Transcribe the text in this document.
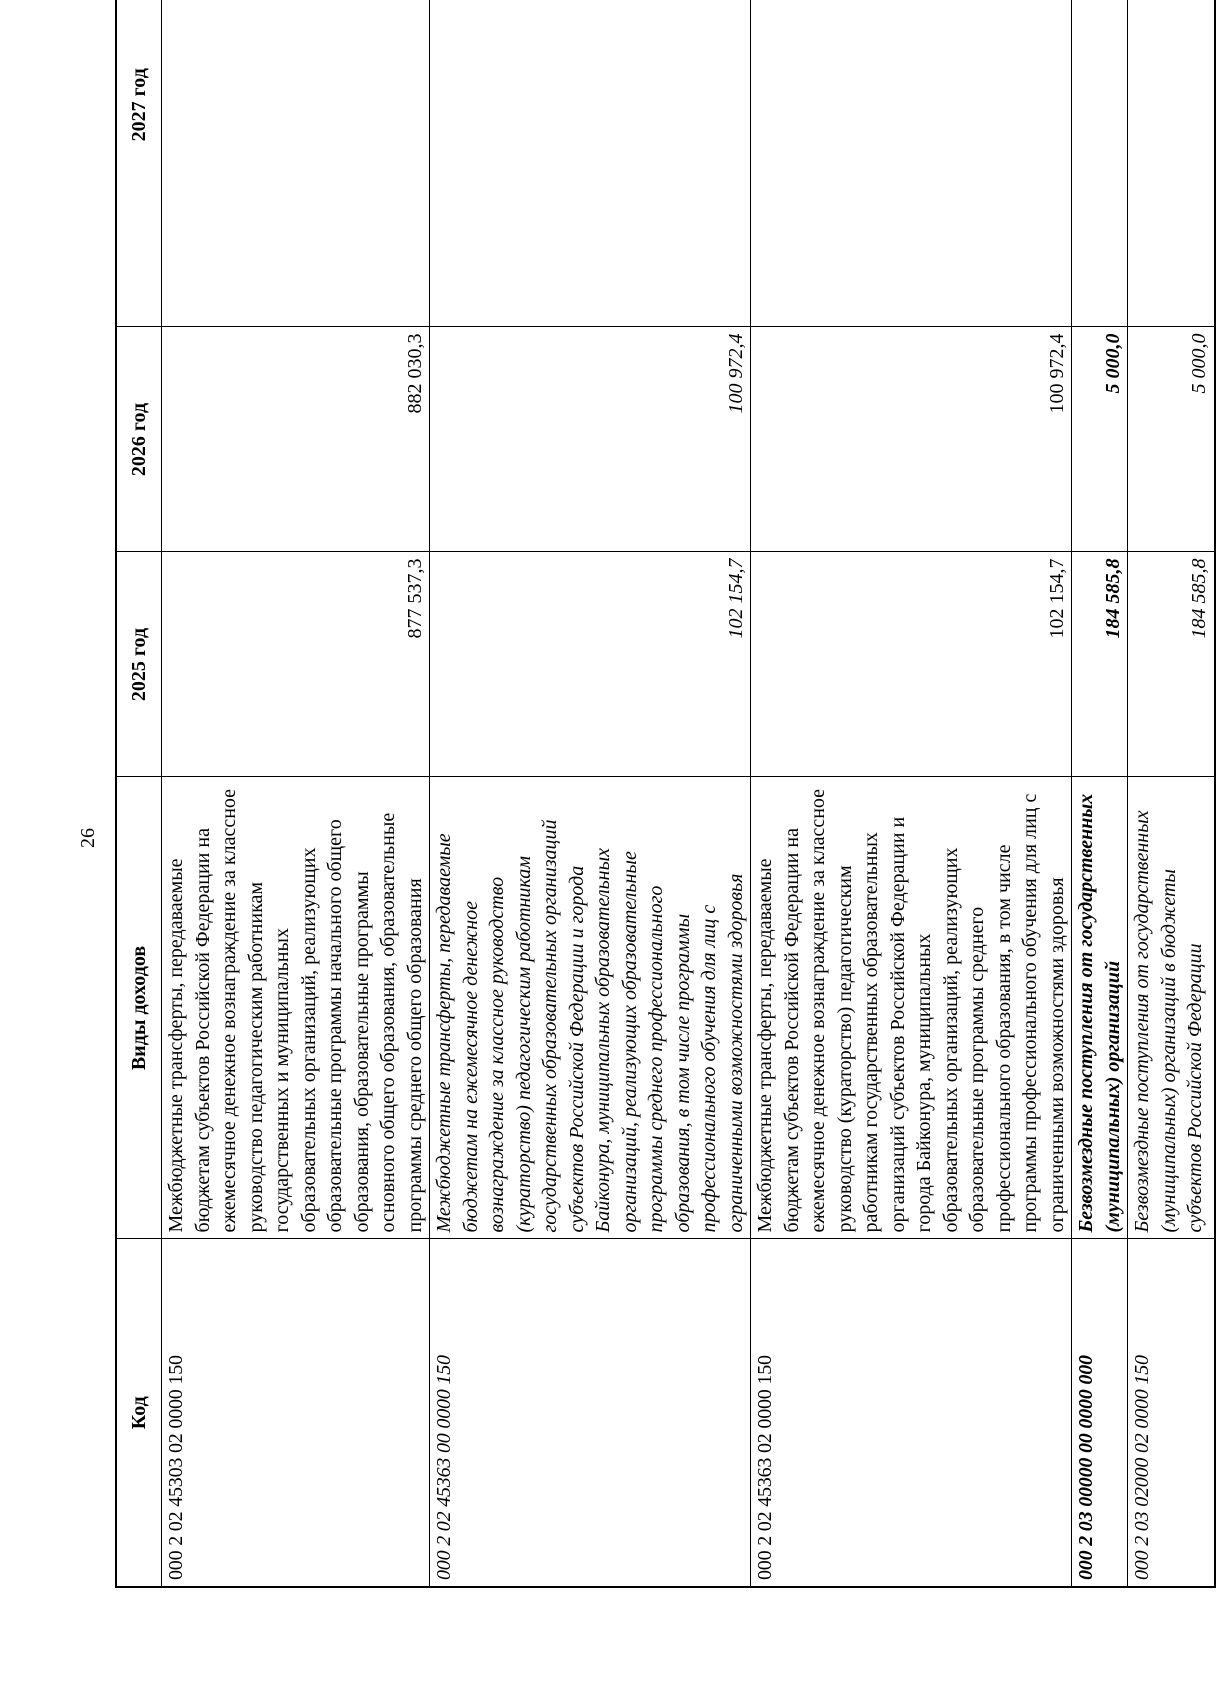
26
Код	Виды доходов	2025 год	2026 год	2027 год
000 2 02 45303 02 0000 150	Межбюджетные трансферты, передаваемые бюджетам субъектов Российской Федерации на ежемесячное денежное вознаграждение за классное руководство педагогическим работникам государственных и муниципальных образовательных организаций, реализующих образовательные программы начального общего образования, образовательные программы основного общего образования, образовательные программы среднего общего образования	877 537,3	882 030,3	
000 2 02 45363 00 0000 150	Межбюджетные трансферты, передаваемые бюджетам на ежемесячное денежное вознаграждение за классное руководство (кураторство) педагогическим работникам государственных образовательных организаций субъектов Российской Федерации и города Байконура, муниципальных образовательных организаций, реализующих образовательные программы среднего профессионального образования, в том числе программы профессионального обучения для лиц с ограниченными возможностями здоровья	102 154,7	100 972,4	
000 2 02 45363 02 0000 150	Межбюджетные трансферты, передаваемые бюджетам субъектов Российской Федерации на ежемесячное денежное вознаграждение за классное руководство (кураторство) педагогическим работникам государственных образовательных организаций субъектов Российской Федерации и города Байконура, муниципальных образовательных организаций, реализующих образовательные программы среднего профессионального образования, в том числе программы профессионального обучения для лиц с ограниченными возможностями здоровья	102 154,7	100 972,4	
000 2 03 00000 00 0000 000	Безвозмездные поступления от государственных (муниципальных) организаций	184 585,8	5 000,0	
000 2 03 02000 02 0000 150	Безвозмездные поступления от государственных (муниципальных) организаций в бюджеты субъектов Российской Федерации	184 585,8	5 000,0	
